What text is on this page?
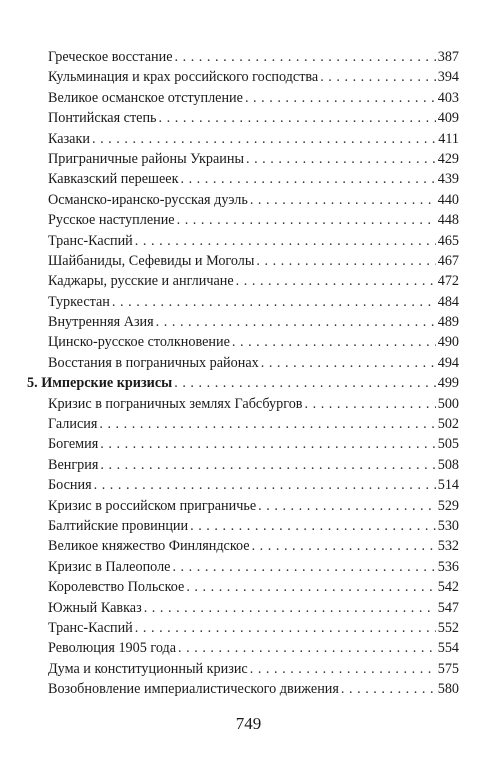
Греческое восстание . . .	387
Кульминация и крах российского господства . . .	394
Великое османское отступление . . .	403
Понтийская степь . . .	409
Казаки . . .	411
Приграничные районы Украины . . .	429
Кавказский перешеек . . .	439
Османско-иранско-русская дуэль . . .	440
Русское наступление . . .	448
Транс-Каспий . . .	465
Шайбаниды, Сефевиды и Моголы . . .	467
Каджары, русские и англичане . . .	472
Туркестан . . .	484
Внутренняя Азия . . .	489
Цинско-русское столкновение . . .	490
Восстания в пограничных районах . . .	494
5. Имперские кризисы . . .	499
Кризис в пограничных землях Габсбургов . . .	500
Галисия . . .	502
Богемия . . .	505
Венгрия . . .	508
Босния . . .	514
Кризис в российском приграничье . . .	529
Балтийские провинции . . .	530
Великое княжество Финляндское . . .	532
Кризис в Палеополе . . .	536
Королевство Польское . . .	542
Южный Кавказ . . .	547
Транс-Каспий . . .	552
Революция 1905 года . . .	554
Дума и конституционный кризис . . .	575
Возобновление империалистического движения . . .	580
749
